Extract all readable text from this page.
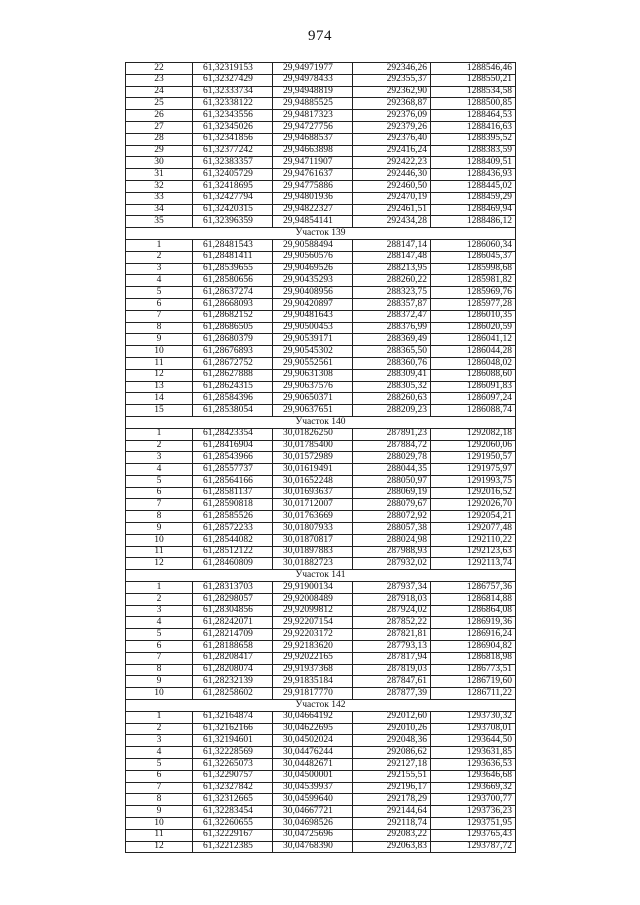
974
22	61,32319153	29,94971977	292346,26	1288546,46
23	61,32327429	29,94978433	292355,37	1288550,21
24	61,32333734	29,94948819	292362,90	1288534,58
25	61,32338122	29,94885525	292368,87	1288500,85
26	61,32343556	29,94817323	292376,09	1288464,53
27	61,32345026	29,94727756	292379,26	1288416,63
28	61,32341856	29,94688537	292376,40	1288395,52
29	61,32377242	29,94663898	292416,24	1288383,59
30	61,32383357	29,94711907	292422,23	1288409,51
31	61,32405729	29,94761637	292446,30	1288436,93
32	61,32418695	29,94775886	292460,50	1288445,02
33	61,32427794	29,94801936	292470,19	1288459,29
34	61,32420315	29,94822327	292461,51	1288469,94
35	61,32396359	29,94854141	292434,28	1288486,12
Участок 139				
1	61,28481543	29,90588494	288147,14	1286060,34
2	61,28481411	29,90560576	288147,48	1286045,37
3	61,28539655	29,90469526	288213,95	1285998,68
4	61,28580656	29,90435293	288260,22	1285981,82
5	61,28637274	29,90408956	288323,75	1285969,76
6	61,28668093	29,90420897	288357,87	1285977,28
7	61,28682152	29,90481643	288372,47	1286010,35
8	61,28686505	29,90500453	288376,99	1286020,59
9	61,28680379	29,90539171	288369,49	1286041,12
10	61,28676893	29,90545302	288365,50	1286044,28
11	61,28672752	29,90552561	288360,76	1286048,02
12	61,28627888	29,90631308	288309,41	1286088,60
13	61,28624315	29,90637576	288305,32	1286091,83
14	61,28584396	29,90650371	288260,63	1286097,24
15	61,28538054	29,90637651	288209,23	1286088,74
Участок 140				
1	61,28423354	30,01826250	287891,23	1292082,18
2	61,28416904	30,01785400	287884,72	1292060,06
3	61,28543966	30,01572989	288029,78	1291950,57
4	61,28557737	30,01619491	288044,35	1291975,97
5	61,28564166	30,01652248	288050,97	1291993,75
6	61,28581137	30,01693637	288069,19	1292016,52
7	61,28590818	30,01712007	288079,67	1292026,70
8	61,28585526	30,01763669	288072,92	1292054,21
9	61,28572233	30,01807933	288057,38	1292077,48
10	61,28544082	30,01870817	288024,98	1292110,22
11	61,28512122	30,01897883	287988,93	1292123,63
12	61,28460809	30,01882723	287932,02	1292113,74
Участок 141				
1	61,28313703	29,91900134	287937,34	1286757,36
2	61,28298057	29,92008489	287918,03	1286814,88
3	61,28304856	29,92099812	287924,02	1286864,08
4	61,28242071	29,92207154	287852,22	1286919,36
5	61,28214709	29,92203172	287821,81	1286916,24
6	61,28188658	29,92183620	287793,13	1286904,82
7	61,28208417	29,92022165	287817,94	1286818,98
8	61,28208074	29,91937368	287819,03	1286773,51
9	61,28232139	29,91835184	287847,61	1286719,60
10	61,28258602	29,91817770	287877,39	1286711,22
Участок 142				
1	61,32164874	30,04664192	292012,60	1293730,32
2	61,32162166	30,04622695	292010,26	1293708,01
3	61,32194601	30,04502024	292048,36	1293644,50
4	61,32228569	30,04476244	292086,62	1293631,85
5	61,32265073	30,04482671	292127,18	1293636,53
6	61,32290757	30,04500001	292155,51	1293646,68
7	61,32327842	30,04539937	292196,17	1293669,32
8	61,32312665	30,04599640	292178,29	1293700,77
9	61,32283454	30,04667721	292144,64	1293736,23
10	61,32260655	30,04698526	292118,74	1293751,95
11	61,32229167	30,04725696	292083,22	1293765,43
12	61,32212385	30,04768390	292063,83	1293787,72
